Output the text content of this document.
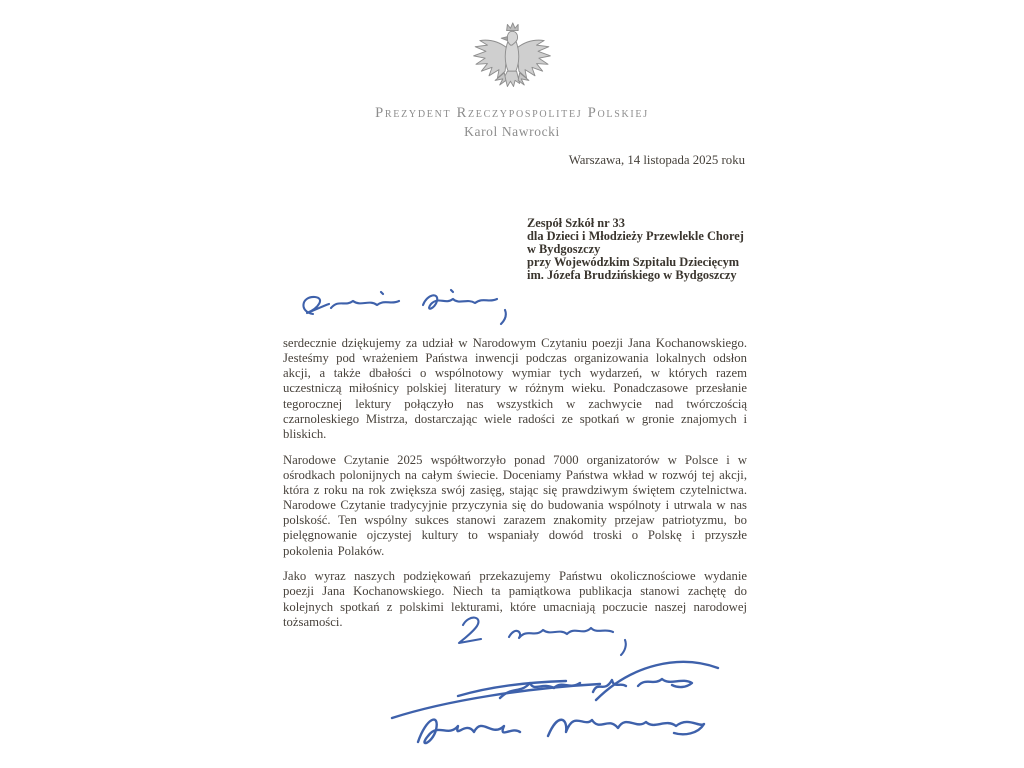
Prezydent Rzeczypospolitej Polskiej
Karol Nawrocki
Warszawa, 14 listopada 2025 roku
Zespół Szkół nr 33
dla Dzieci i Młodzieży Przewlekle Chorej
w Bydgoszczy
przy Wojewódzkim Szpitalu Dziecięcym
im. Józefa Brudzińskiego w Bydgoszczy

serdecznie dziękujemy za udział w Narodowym Czytaniu poezji Jana Kochanowskiego. Jesteśmy pod wrażeniem Państwa inwencji podczas organizowania lokalnych odsłon akcji, a także dbałości o wspólnotowy wymiar tych wydarzeń, w których razem uczestniczą miłośnicy polskiej literatury w różnym wieku. Ponadczasowe przesłanie tegorocznej lektury połączyło nas wszystkich w zachwycie nad twórczością czarnoleskiego Mistrza, dostarczając wiele radości ze spotkań w gronie znajomych i bliskich.

Narodowe Czytanie 2025 współtworzyło ponad 7000 organizatorów w Polsce i w ośrodkach polonijnych na całym świecie. Doceniamy Państwa wkład w rozwój tej akcji, która z roku na rok zwiększa swój zasięg, stając się prawdziwym świętem czytelnictwa. Narodowe Czytanie tradycyjnie przyczynia się do budowania wspólnoty i utrwala w nas polskość. Ten wspólny sukces stanowi zarazem znakomity przejaw patriotyzmu, bo pielęgnowanie ojczystej kultury to wspaniały dowód troski o Polskę i przyszłe pokolenia Polaków.

Jako wyraz naszych podziękowań przekazujemy Państwu okolicznościowe wydanie poezji Jana Kochanowskiego. Niech ta pamiątkowa publikacja stanowi zachętę do kolejnych spotkań z polskimi lekturami, które umacniają poczucie naszej narodowej tożsamości.
